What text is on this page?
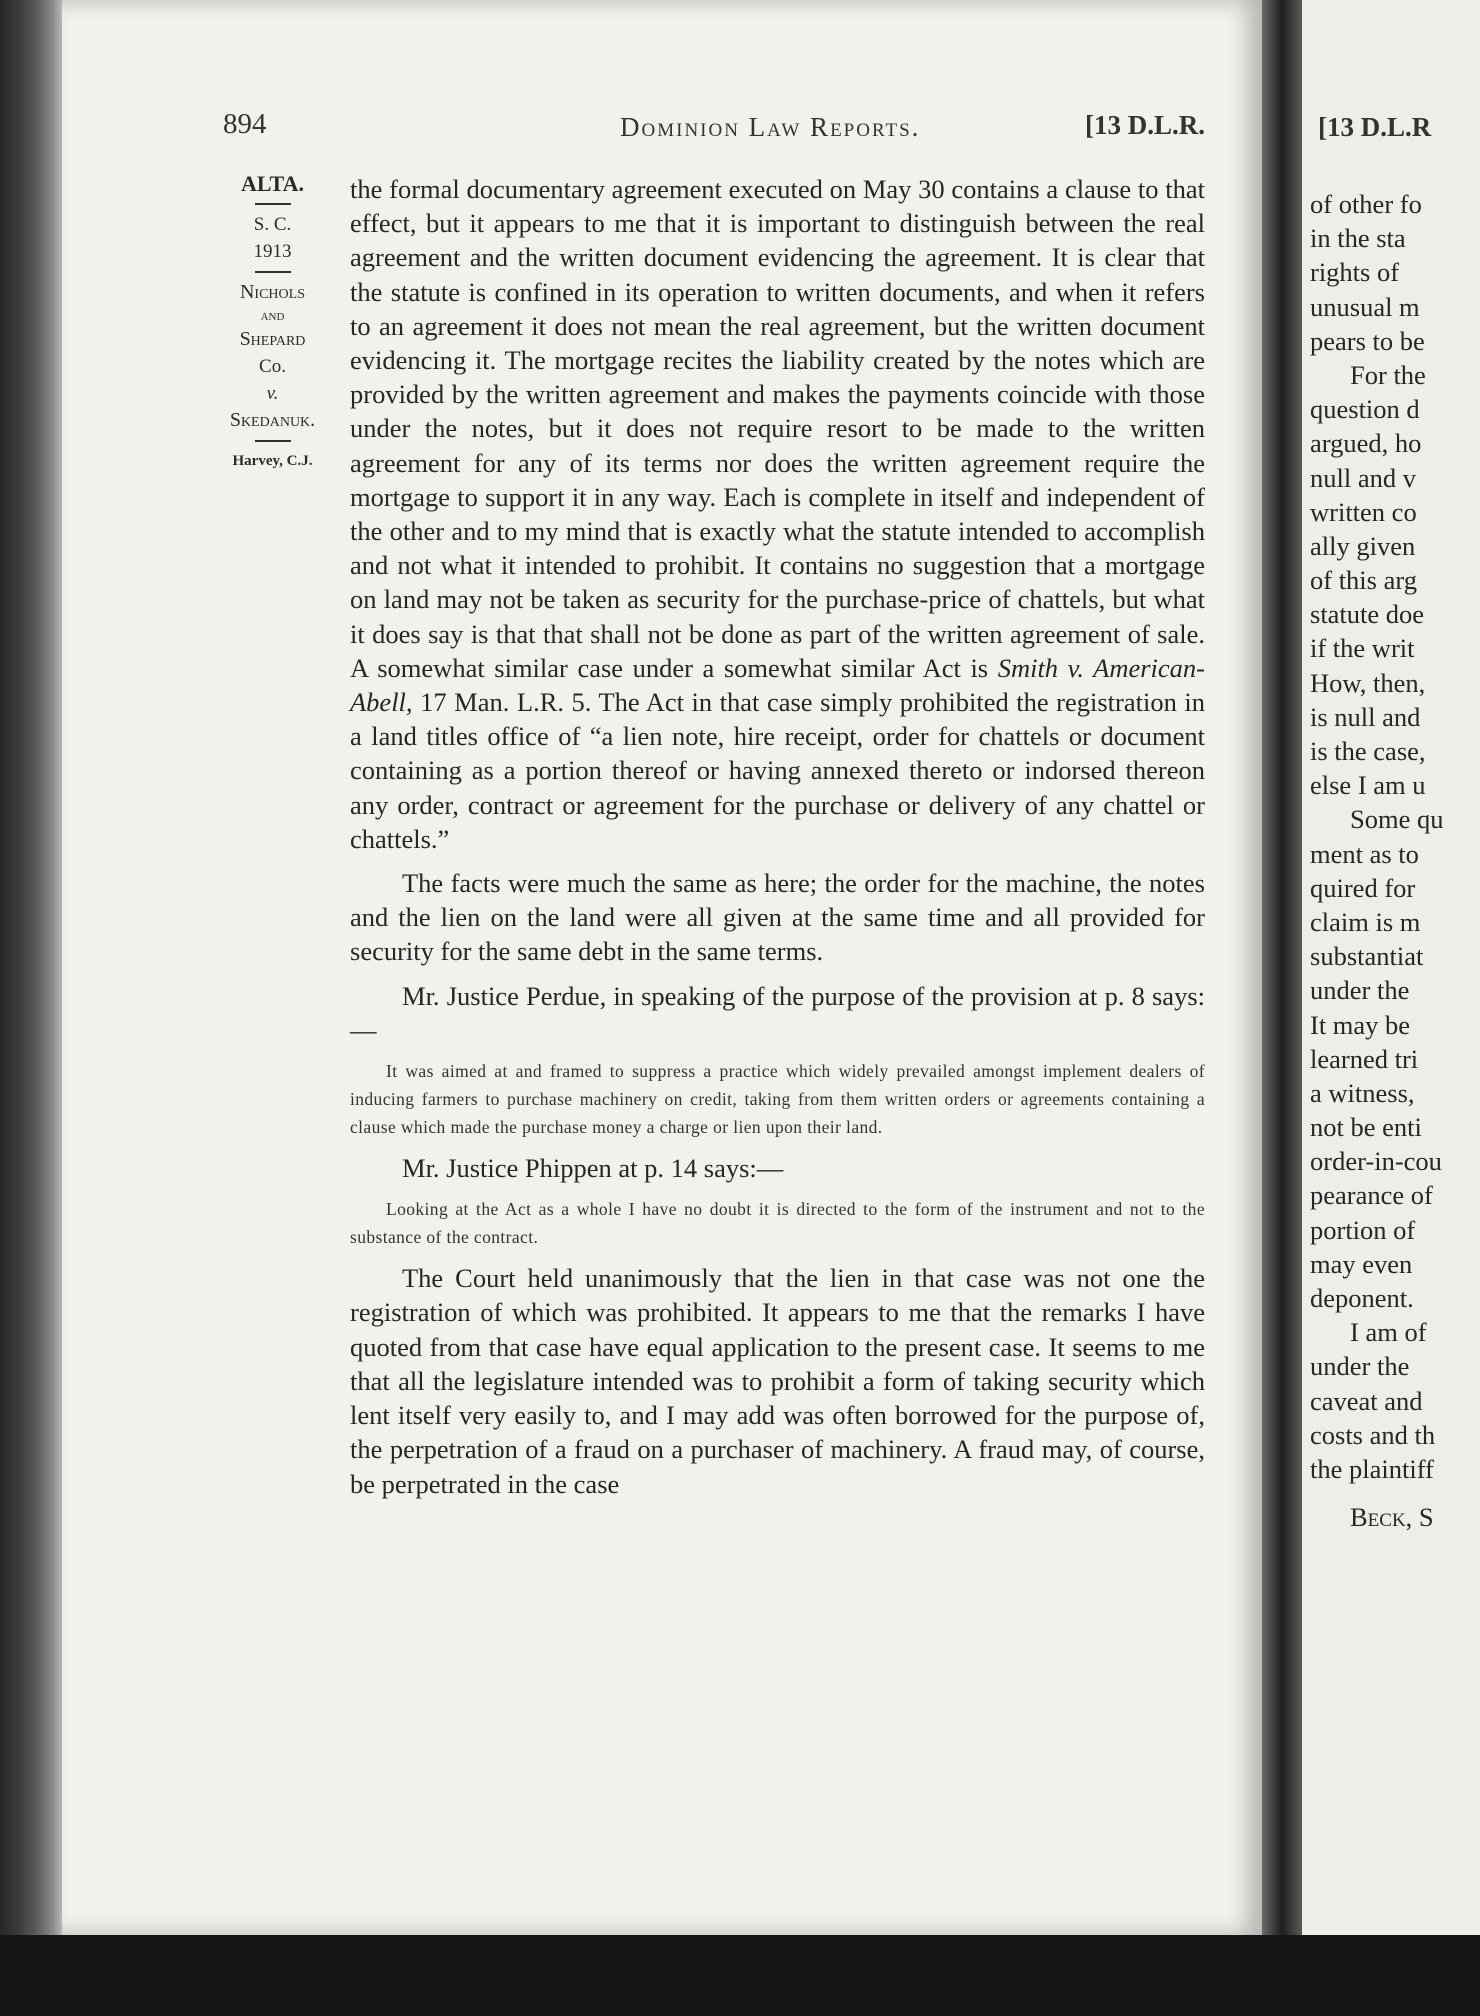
[13 D.L.R
of other fo
in the sta
rights of
unusual m
pears to be
For the
question d
argued, ho
null and v
written co
ally given
of this arg
statute doe
if the writ
How, then,
is null and
is the case,
else I am u
Some qu
ment as to
quired for
claim is m
substantiat
under the
It may be
learned tri
a witness,
not be enti
order-in-cou
pearance of
portion of
may even
deponent.
I am of
under the
caveat and
costs and th
the plaintiff
Beck, S
894	Dominion Law Reports.	[13 D.L.R.
ALTA.
S. C.
1913
Nichols
and
Shepard
Co.
v.
Skedanuk.
Harvey, C.J.

the formal documentary agreement executed on May 30 contains a clause to that effect, but it appears to me that it is important to distinguish between the real agreement and the written document evidencing the agreement. It is clear that the statute is confined in its operation to written documents, and when it refers to an agreement it does not mean the real agreement, but the written document evidencing it. The mortgage recites the liability created by the notes which are provided by the written agreement and makes the payments coincide with those under the notes, but it does not require resort to be made to the written agreement for any of its terms nor does the written agreement require the mortgage to support it in any way. Each is complete in itself and independent of the other and to my mind that is exactly what the statute intended to accomplish and not what it intended to prohibit. It contains no suggestion that a mortgage on land may not be taken as security for the purchase-price of chattels, but what it does say is that that shall not be done as part of the written agreement of sale. A somewhat similar case under a somewhat similar Act is Smith v. American-Abell, 17 Man. L.R. 5. The Act in that case simply prohibited the registration in a land titles office of “a lien note, hire receipt, order for chattels or document containing as a portion thereof or having annexed thereto or indorsed thereon any order, contract or agreement for the purchase or delivery of any chattel or chattels.”

The facts were much the same as here; the order for the machine, the notes and the lien on the land were all given at the same time and all provided for security for the same debt in the same terms.

Mr. Justice Perdue, in speaking of the purpose of the provision at p. 8 says:—

It was aimed at and framed to suppress a practice which widely prevailed amongst implement dealers of inducing farmers to purchase machinery on credit, taking from them written orders or agreements containing a clause which made the purchase money a charge or lien upon their land.

Mr. Justice Phippen at p. 14 says:—

Looking at the Act as a whole I have no doubt it is directed to the form of the instrument and not to the substance of the contract.

The Court held unanimously that the lien in that case was not one the registration of which was prohibited. It appears to me that the remarks I have quoted from that case have equal application to the present case. It seems to me that all the legislature intended was to prohibit a form of taking security which lent itself very easily to, and I may add was often borrowed for the purpose of, the perpetration of a fraud on a purchaser of machinery. A fraud may, of course, be perpetrated in the case
